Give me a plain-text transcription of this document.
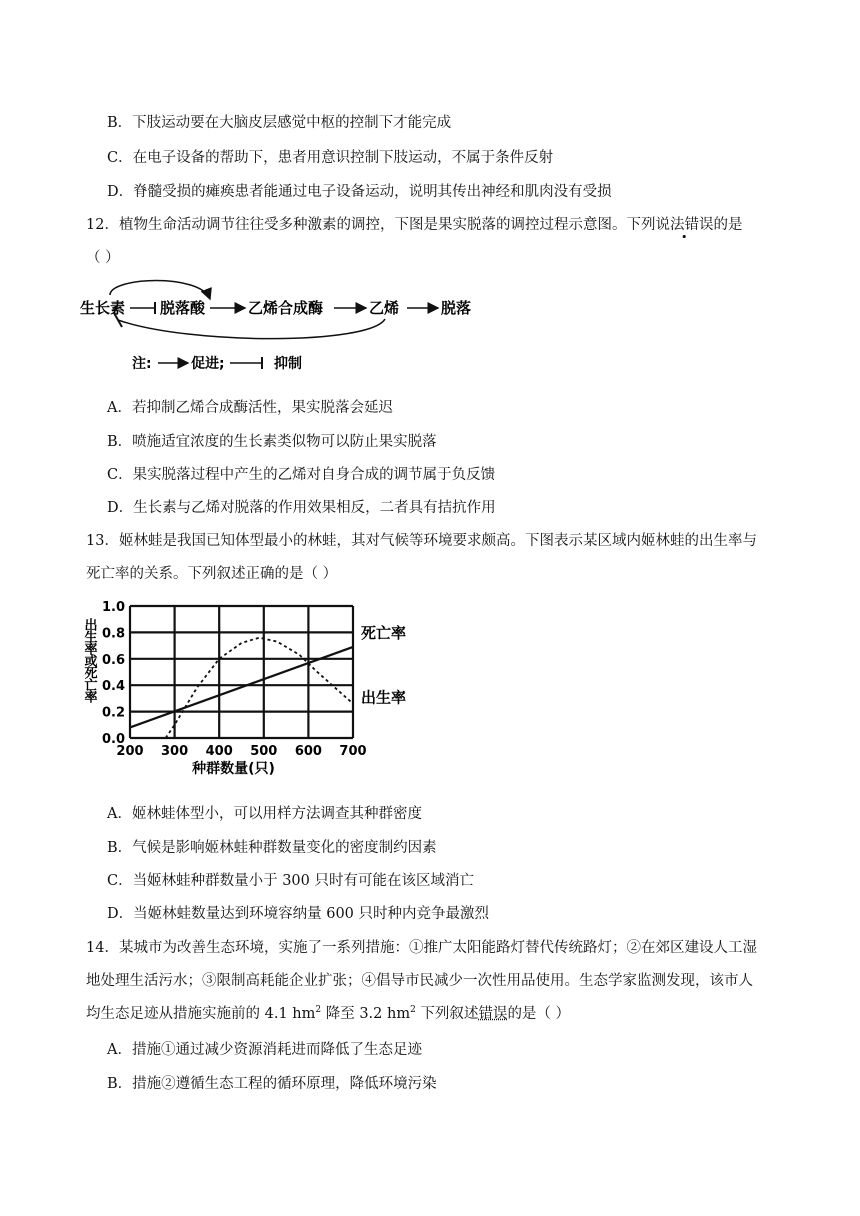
B．下肢运动要在大脑皮层感觉中枢的控制下才能完成
C．在电子设备的帮助下，患者用意识控制下肢运动，不属于条件反射
D．脊髓受损的瘫痪患者能通过电子设备运动，说明其传出神经和肌肉没有受损
12．植物生命活动调节往往受多种激素的调控，下图是果实脱落的调控过程示意图。下列说法错误的是
（ ）
生长素 脱落酸	乙烯合成酶	乙烯	脱落
注:	促进;	抑制
A．若抑制乙烯合成酶活性，果实脱落会延迟
B．喷施适宜浓度的生长素类似物可以防止果实脱落
C．果实脱落过程中产生的乙烯对自身合成的调节属于负反馈
D．生长素与乙烯对脱落的作用效果相反，二者具有拮抗作用
13．姬林蛙是我国已知体型最小的林蛙，其对气候等环境要求颇高。下图表示某区域内姬林蛙的出生率与
死亡率的关系。下列叙述正确的是（ ）
0.0
0.2
0.4
0.6
0.8
1.0
200 300 400 500 600 700
种群数量(只)
出生率或死亡率	死亡率
出生率
A．姬林蛙体型小，可以用样方法调查其种群密度
B．气候是影响姬林蛙种群数量变化的密度制约因素
C．当姬林蛙种群数量小于 300 只时有可能在该区域消亡
D．当姬林蛙数量达到环境容纳量 600 只时种内竞争最激烈
14．某城市为改善生态环境，实施了一系列措施：①推广太阳能路灯替代传统路灯；②在郊区建设人工湿
地处理生活污水；③限制高耗能企业扩张；④倡导市民减少一次性用品使用。生态学家监测发现，该市人
均生态足迹从措施实施前的 4.1 $hm^2$ 降至 3.2 $hm^2$ 下列叙述错误的是（ ）
A．措施①通过减少资源消耗进而降低了生态足迹
B．措施②遵循生态工程的循环原理，降低环境污染
